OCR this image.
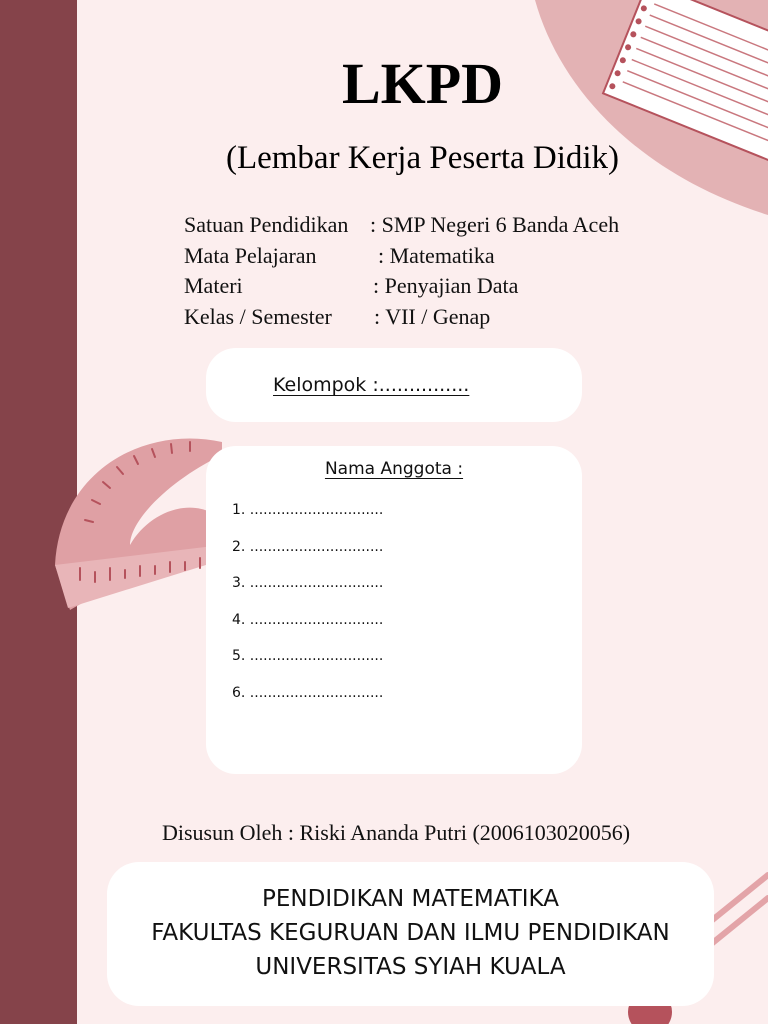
LKPD
(Lembar Kerja Peserta Didik)
Satuan Pendidikan : SMP Negeri 6 Banda Aceh
Mata Pelajaran	: Matematika
Materi	: Penyajian Data
Kelas / Semester : VII / Genap
Kelompok :...............
Nama Anggota :
1. ..............................
2. ..............................
3. ..............................
4. ..............................
5. ..............................
6. ..............................
Disusun Oleh : Riski Ananda Putri (2006103020056)
PENDIDIKAN MATEMATIKA
FAKULTAS KEGURUAN DAN ILMU PENDIDIKAN
UNIVERSITAS SYIAH KUALA
